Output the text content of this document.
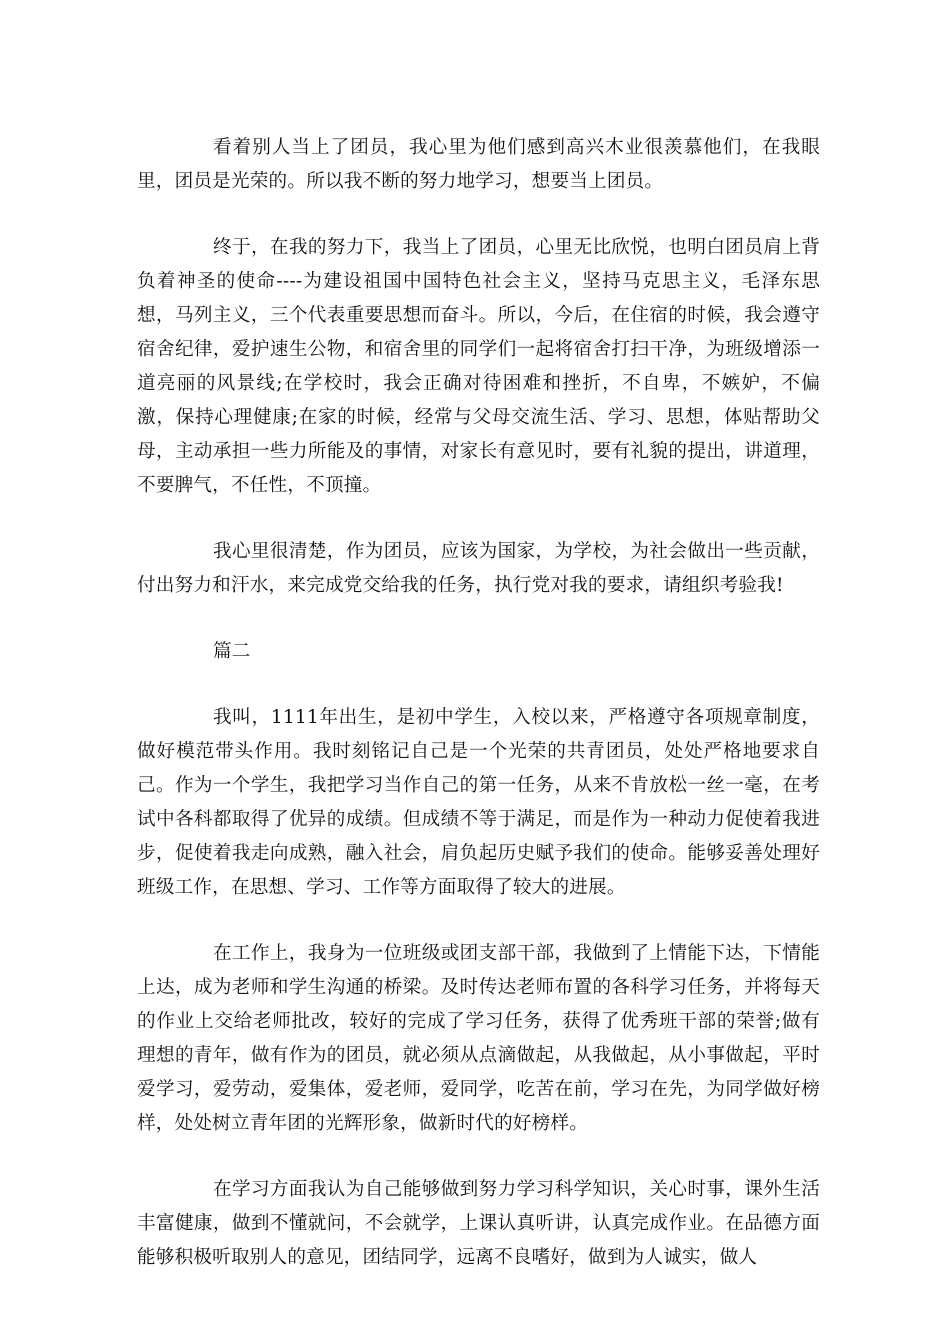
看着别人当上了团员，我心里为他们感到高兴木业很羡慕他们，在我眼里，团员是光荣的。所以我不断的努力地学习，想要当上团员。

终于，在我的努力下，我当上了团员，心里无比欣悦，也明白团员肩上背负着神圣的使命----为建设祖国中国特色社会主义，坚持马克思主义，毛泽东思想，马列主义，三个代表重要思想而奋斗。所以，今后，在住宿的时候，我会遵守宿舍纪律，爱护速生公物，和宿舍里的同学们一起将宿舍打扫干净，为班级增添一道亮丽的风景线;在学校时，我会正确对待困难和挫折，不自卑，不嫉妒，不偏激，保持心理健康;在家的时候，经常与父母交流生活、学习、思想，体贴帮助父母，主动承担一些力所能及的事情，对家长有意见时，要有礼貌的提出，讲道理，不要脾气，不任性，不顶撞。

我心里很清楚，作为团员，应该为国家，为学校，为社会做出一些贡献，付出努力和汗水，来完成党交给我的任务，执行党对我的要求，请组织考验我!

篇二

我叫，1111年出生，是初中学生，入校以来，严格遵守各项规章制度，做好模范带头作用。我时刻铭记自己是一个光荣的共青团员，处处严格地要求自己。作为一个学生，我把学习当作自己的第一任务，从来不肯放松一丝一毫，在考试中各科都取得了优异的成绩。但成绩不等于满足，而是作为一种动力促使着我进步，促使着我走向成熟，融入社会，肩负起历史赋予我们的使命。能够妥善处理好班级工作，在思想、学习、工作等方面取得了较大的进展。

在工作上，我身为一位班级或团支部干部，我做到了上情能下达，下情能上达，成为老师和学生沟通的桥梁。及时传达老师布置的各科学习任务，并将每天的作业上交给老师批改，较好的完成了学习任务，获得了优秀班干部的荣誉;做有理想的青年，做有作为的团员，就必须从点滴做起，从我做起，从小事做起，平时爱学习，爱劳动，爱集体，爱老师，爱同学，吃苦在前，学习在先，为同学做好榜样，处处树立青年团的光辉形象，做新时代的好榜样。

在学习方面我认为自己能够做到努力学习科学知识，关心时事，课外生活丰富健康，做到不懂就问，不会就学，上课认真听讲，认真完成作业。在品德方面能够积极听取别人的意见，团结同学，远离不良嗜好，做到为人诚实，做人
